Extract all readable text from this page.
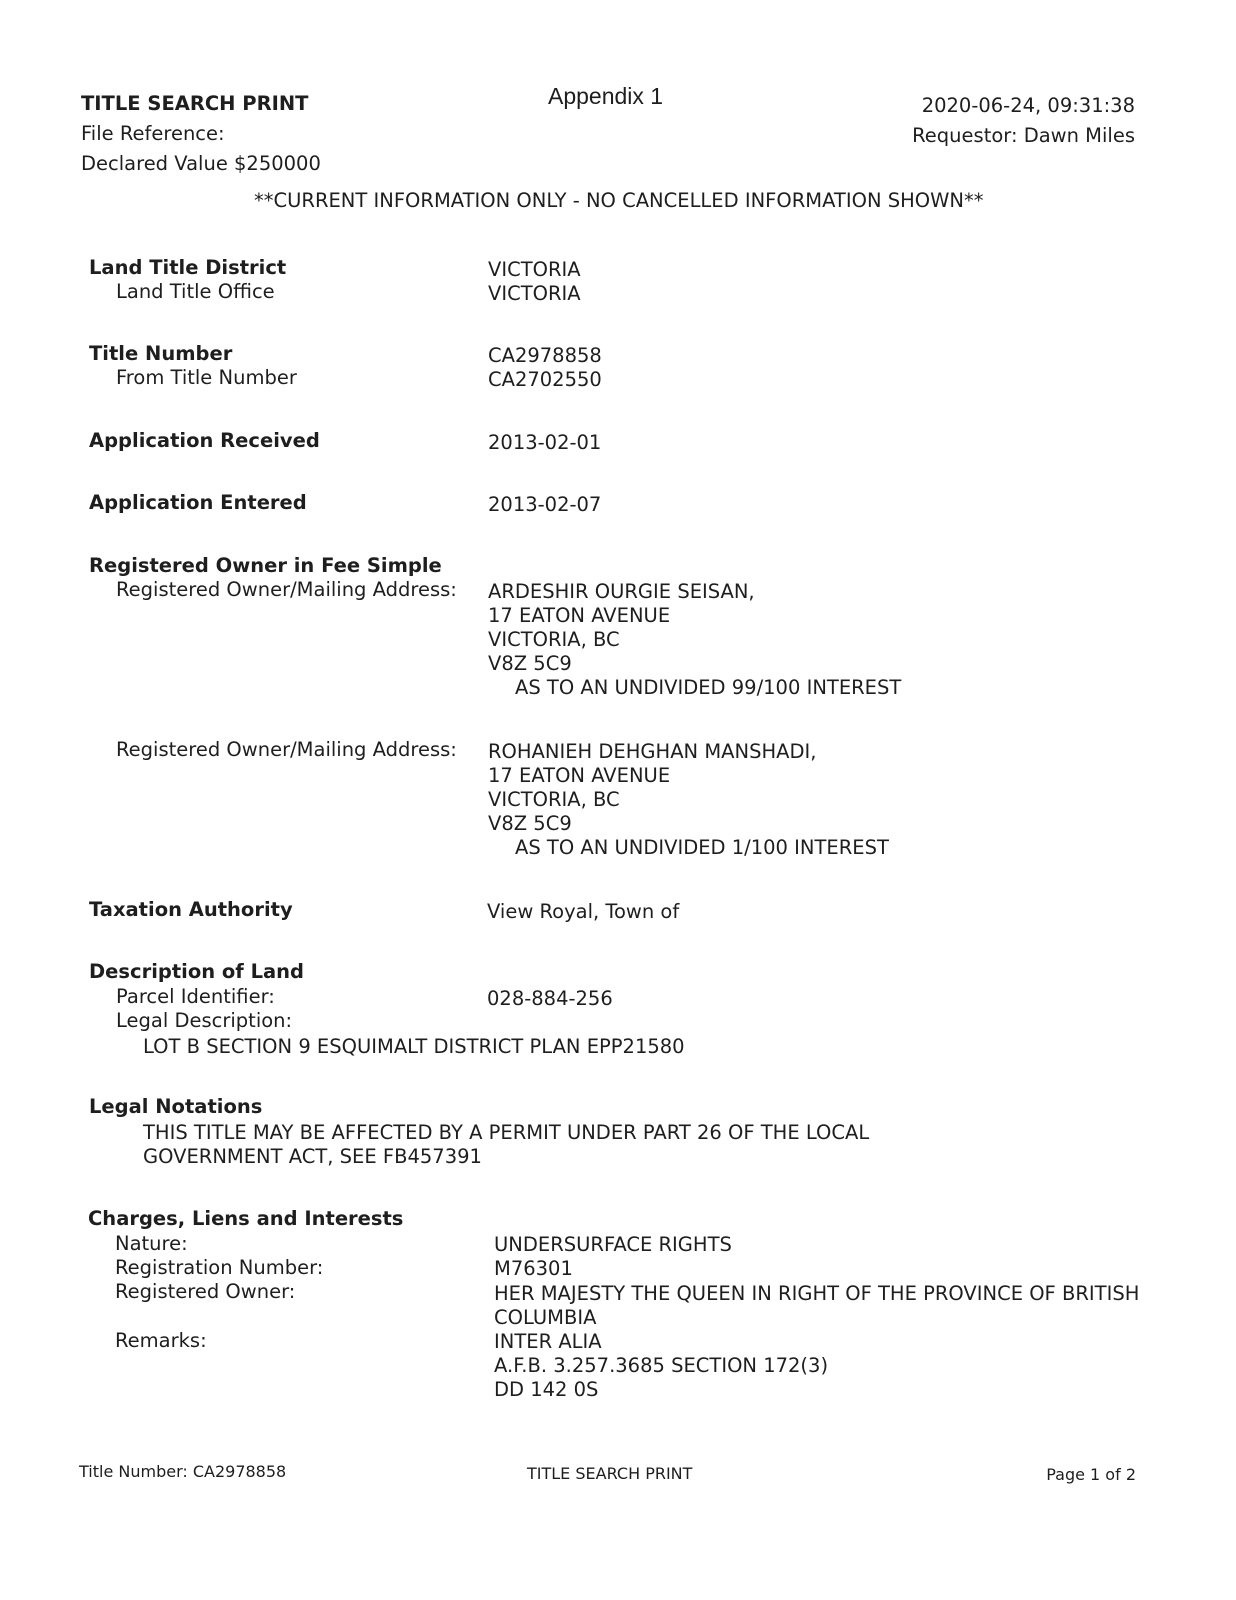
TITLE SEARCH PRINT	Appendix 1	2020-06-24, 09:31:38
File Reference:	Requestor: Dawn Miles
Declared Value $250000
**CURRENT INFORMATION ONLY - NO CANCELLED INFORMATION SHOWN**
Land Title District	VICTORIA
Land Title Office	VICTORIA
Title Number	CA2978858
From Title Number	CA2702550
Application Received	2013-02-01
Application Entered	2013-02-07
Registered Owner in Fee Simple
Registered Owner/Mailing Address: ARDESHIR OURGIE SEISAN,
17 EATON AVENUE
VICTORIA, BC
V8Z 5C9
AS TO AN UNDIVIDED 99/100 INTEREST
Registered Owner/Mailing Address: ROHANIEH DEHGHAN MANSHADI,
17 EATON AVENUE
VICTORIA, BC
V8Z 5C9
AS TO AN UNDIVIDED 1/100 INTEREST
Taxation Authority	View Royal, Town of
Description of Land
Parcel Identifier:	028-884-256
Legal Description:
LOT B SECTION 9 ESQUIMALT DISTRICT PLAN EPP21580
Legal Notations
THIS TITLE MAY BE AFFECTED BY A PERMIT UNDER PART 26 OF THE LOCAL
GOVERNMENT ACT, SEE FB457391
Charges, Liens and Interests
Nature:	UNDERSURFACE RIGHTS
Registration Number:	M76301
Registered Owner:	HER MAJESTY THE QUEEN IN RIGHT OF THE PROVINCE OF BRITISH
COLUMBIA
Remarks:	INTER ALIA
A.F.B. 3.257.3685 SECTION 172(3)
DD 142 0S
Title Number: CA2978858	TITLE SEARCH PRINT	Page 1 of 2
